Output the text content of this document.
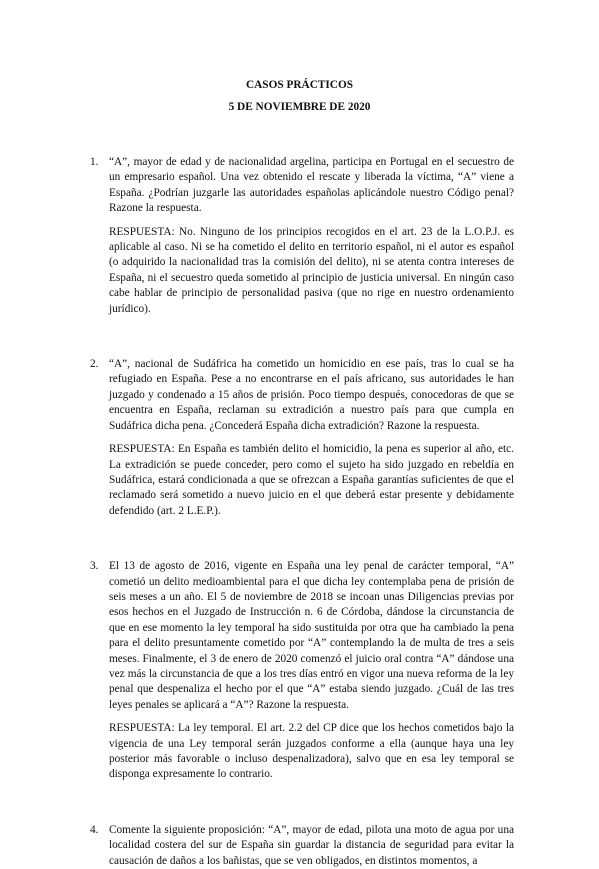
CASOS PRÁCTICOS

5 DE NOVIEMBRE DE 2020

1. “A”, mayor de edad y de nacionalidad argelina, participa en Portugal en el secuestro de un empresario español. Una vez obtenido el rescate y liberada la víctima, “A” viene a España. ¿Podrían juzgarle las autoridades españolas aplicándole nuestro Código penal? Razone la respuesta.

RESPUESTA: No. Ninguno de los principios recogidos en el art. 23 de la L.O.P.J. es aplicable al caso. Ni se ha cometido el delito en territorio español, ni el autor es español (o adquirido la nacionalidad tras la comisión del delito), ni se atenta contra intereses de España, ni el secuestro queda sometido al principio de justicia universal. En ningún caso cabe hablar de principio de personalidad pasiva (que no rige en nuestro ordenamiento jurídico).

2. “A”, nacional de Sudáfrica ha cometido un homicidio en ese país, tras lo cual se ha refugiado en España. Pese a no encontrarse en el país africano, sus autoridades le han juzgado y condenado a 15 años de prisión. Poco tiempo después, conocedoras de que se encuentra en España, reclaman su extradición a nuestro país para que cumpla en Sudáfrica dicha pena. ¿Concederá España dicha extradición? Razone la respuesta.

RESPUESTA: En España es también delito el homicidio, la pena es superior al año, etc. La extradición se puede conceder, pero como el sujeto ha sido juzgado en rebeldía en Sudáfrica, estará condicionada a que se ofrezcan a España garantías suficientes de que el reclamado será sometido a nuevo juicio en el que deberá estar presente y debidamente defendido (art. 2 L.E.P.).

3. El 13 de agosto de 2016, vigente en España una ley penal de carácter temporal, “A” cometió un delito medioambiental para el que dicha ley contemplaba pena de prisión de seis meses a un año. El 5 de noviembre de 2018 se incoan unas Diligencias previas por esos hechos en el Juzgado de Instrucción n. 6 de Córdoba, dándose la circunstancia de que en ese momento la ley temporal ha sido sustituida por otra que ha cambiado la pena para el delito presuntamente cometido por “A” contemplando la de multa de tres a seis meses. Finalmente, el 3 de enero de 2020 comenzó el juicio oral contra “A” dándose una vez más la circunstancia de que a los tres días entró en vigor una nueva reforma de la ley penal que despenaliza el hecho por el que “A” estaba siendo juzgado. ¿Cuál de las tres leyes penales se aplicará a “A”? Razone la respuesta.

RESPUESTA: La ley temporal. El art. 2.2 del CP dice que los hechos cometidos bajo la vigencia de una Ley temporal serán juzgados conforme a ella (aunque haya una ley posterior más favorable o incluso despenalizadora), salvo que en esa ley temporal se disponga expresamente lo contrario.

4. Comente la siguiente proposición: “A”, mayor de edad, pilota una moto de agua por una localidad costera del sur de España sin guardar la distancia de seguridad para evitar la causación de daños a los bañistas, que se ven obligados, en distintos momentos, a
